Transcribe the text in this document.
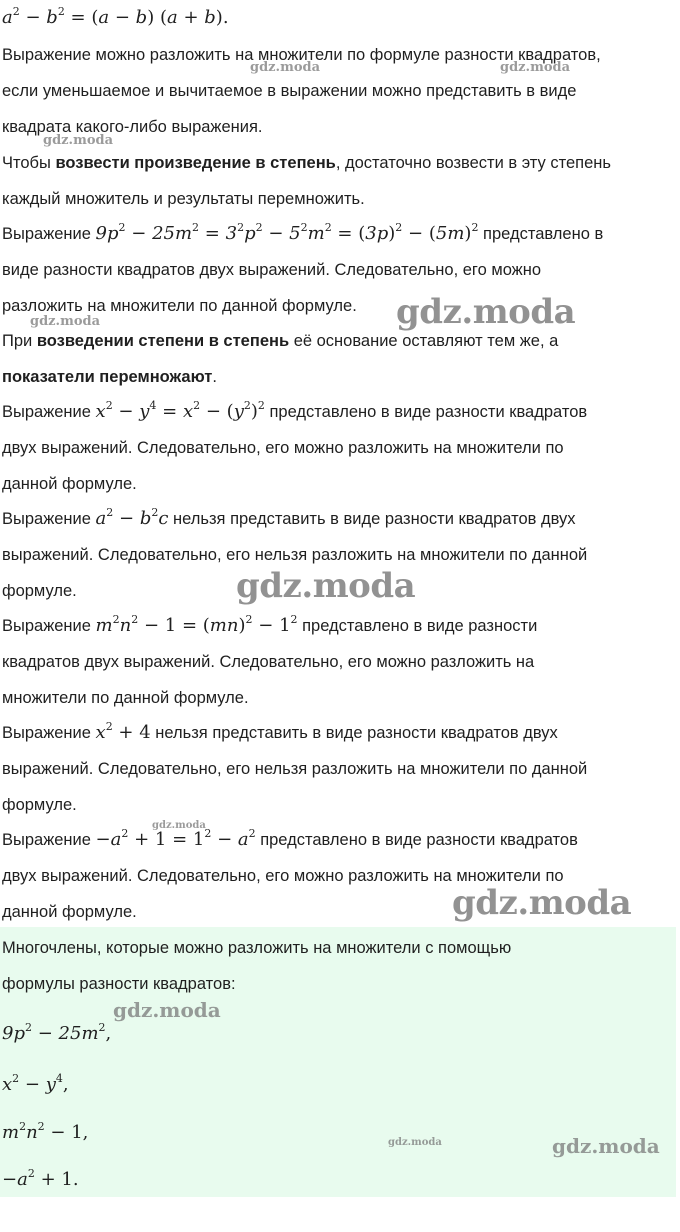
$a^2 - b^2 = (a - b) (a + b)$.
Выражение можно разложить на множители по формуле разности квадратов,
если уменьшаемое и вычитаемое в выражении можно представить в виде
квадрата какого-либо выражения.
Чтобы возвести произведение в степень, достаточно возвести в эту степень
каждый множитель и результаты перемножить.
Выражение $9p^2 - 25m^2 = 3^2p^2 - 5^2m^2 = (3p)^2 - (5m)^2$ представлено в
виде разности квадратов двух выражений. Следовательно, его можно
разложить на множители по данной формуле.
При возведении степени в степень её основание оставляют тем же, а
показатели перемножают.
Выражение $x^2 - y^4 = x^2 - (y^2)^2$ представлено в виде разности квадратов
двух выражений. Следовательно, его можно разложить на множители по
данной формуле.
Выражение $a^2 - b^2c$ нельзя представить в виде разности квадратов двух
выражений. Следовательно, его нельзя разложить на множители по данной
формуле.
Выражение $m^2n^2 - 1 = (mn)^2 - 1^2$ представлено в виде разности
квадратов двух выражений. Следовательно, его можно разложить на
множители по данной формуле.
Выражение $x^2 + 4$ нельзя представить в виде разности квадратов двух
выражений. Следовательно, его нельзя разложить на множители по данной
формуле.
Выражение $-a^2 + 1 = 1^2 - a^2$ представлено в виде разности квадратов
двух выражений. Следовательно, его можно разложить на множители по
данной формуле.
Многочлены, которые можно разложить на множители с помощью
формулы разности квадратов:
$9p^2 - 25m^2$,
$x^2 - y^4$,
$m^2n^2 - 1$,
$-a^2 + 1$.
gdz.moda	gdz.moda
gdz.moda
gdz.moda
gdz.moda
gdz.moda
gdz.moda
gdz.moda
gdz.moda
gdz.moda	gdz.moda
